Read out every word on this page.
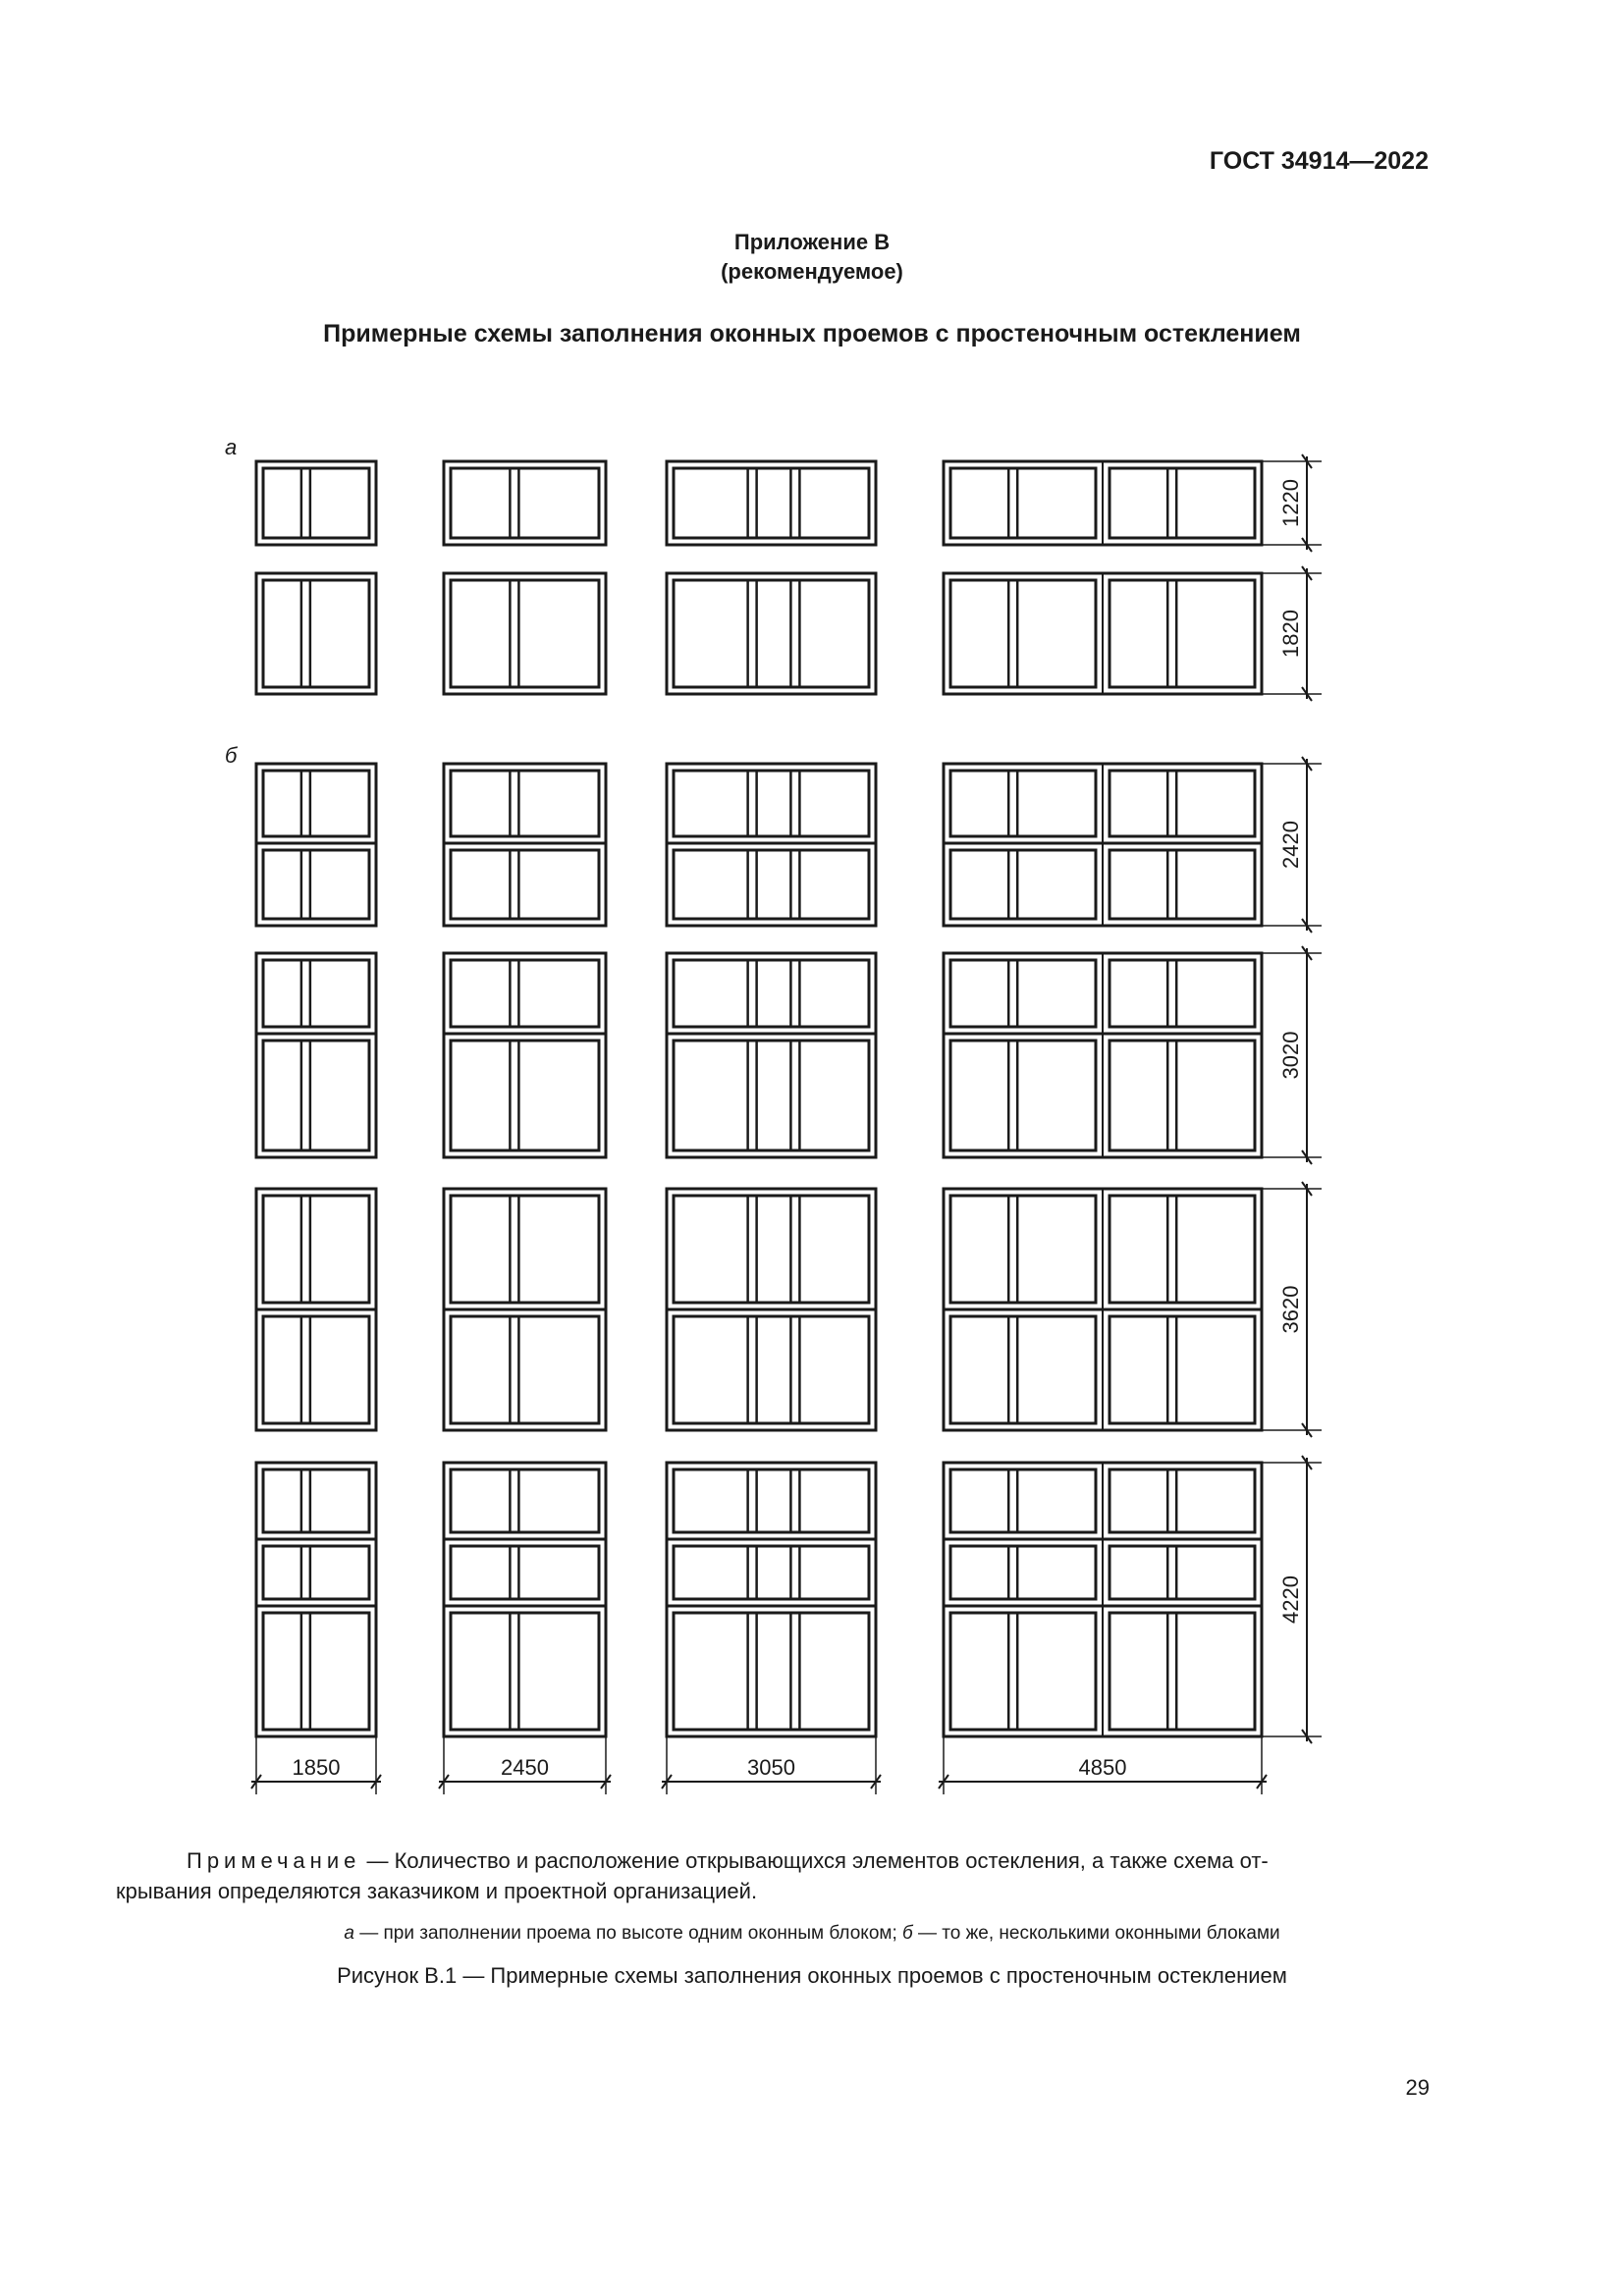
ГОСТ 34914—2022
Приложение В
(рекомендуемое)
Примерные схемы заполнения оконных проемов с простеночным остеклением
а
б
1220
1820
2420
3020
3620
4220
1850	2450	3050	4850
Примечание — Количество и расположение открывающихся элементов остекления, а также схема от-
крывания определяются заказчиком и проектной организацией.
а — при заполнении проема по высоте одним оконным блоком; б — то же, несколькими оконными блоками
Рисунок В.1 — Примерные схемы заполнения оконных проемов с простеночным остеклением
29
